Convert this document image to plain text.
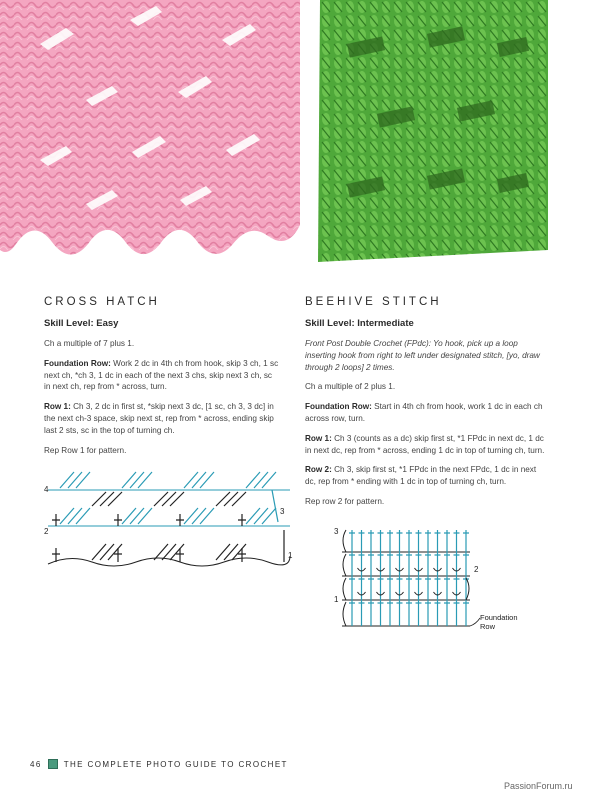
CROSS HATCH
Skill Level: Easy

Ch a multiple of 7 plus 1.

Foundation Row: Work 2 dc in 4th ch from hook, skip 3 ch, 1 sc next ch, *ch 3, 1 dc in each of the next 3 chs, skip next 3 ch, sc in next ch, rep from * across, turn.

Row 1: Ch 3, 2 dc in first st, *skip next 3 dc, [1 sc, ch 3, 3 dc] in the next ch-3 space, skip next st, rep from * across, ending skip last 2 sts, sc in the top of turning ch.

Rep Row 1 for pattern.

BEEHIVE STITCH
Skill Level: Intermediate

Front Post Double Crochet (FPdc): Yo hook, pick up a loop inserting hook from right to left under designated stitch, [yo, draw through 2 loops] 2 times.

Ch a multiple of 2 plus 1.

Foundation Row: Start in 4th ch from hook, work 1 dc in each ch across row, turn.

Row 1: Ch 3 (counts as a dc) skip first st, *1 FPdc in next dc, 1 dc in next dc, rep from * across, ending 1 dc in top of turning ch, turn.

Row 2: Ch 3, skip first st, *1 FPdc in the next FPdc, 1 dc in next dc, rep from * ending with 1 dc in top of turning ch, turn.

Rep row 2 for pattern.

4
3
2
1
3
2
1
Foundation
Row
46	THE COMPLETE PHOTO GUIDE TO CROCHET
PassionForum.ru
